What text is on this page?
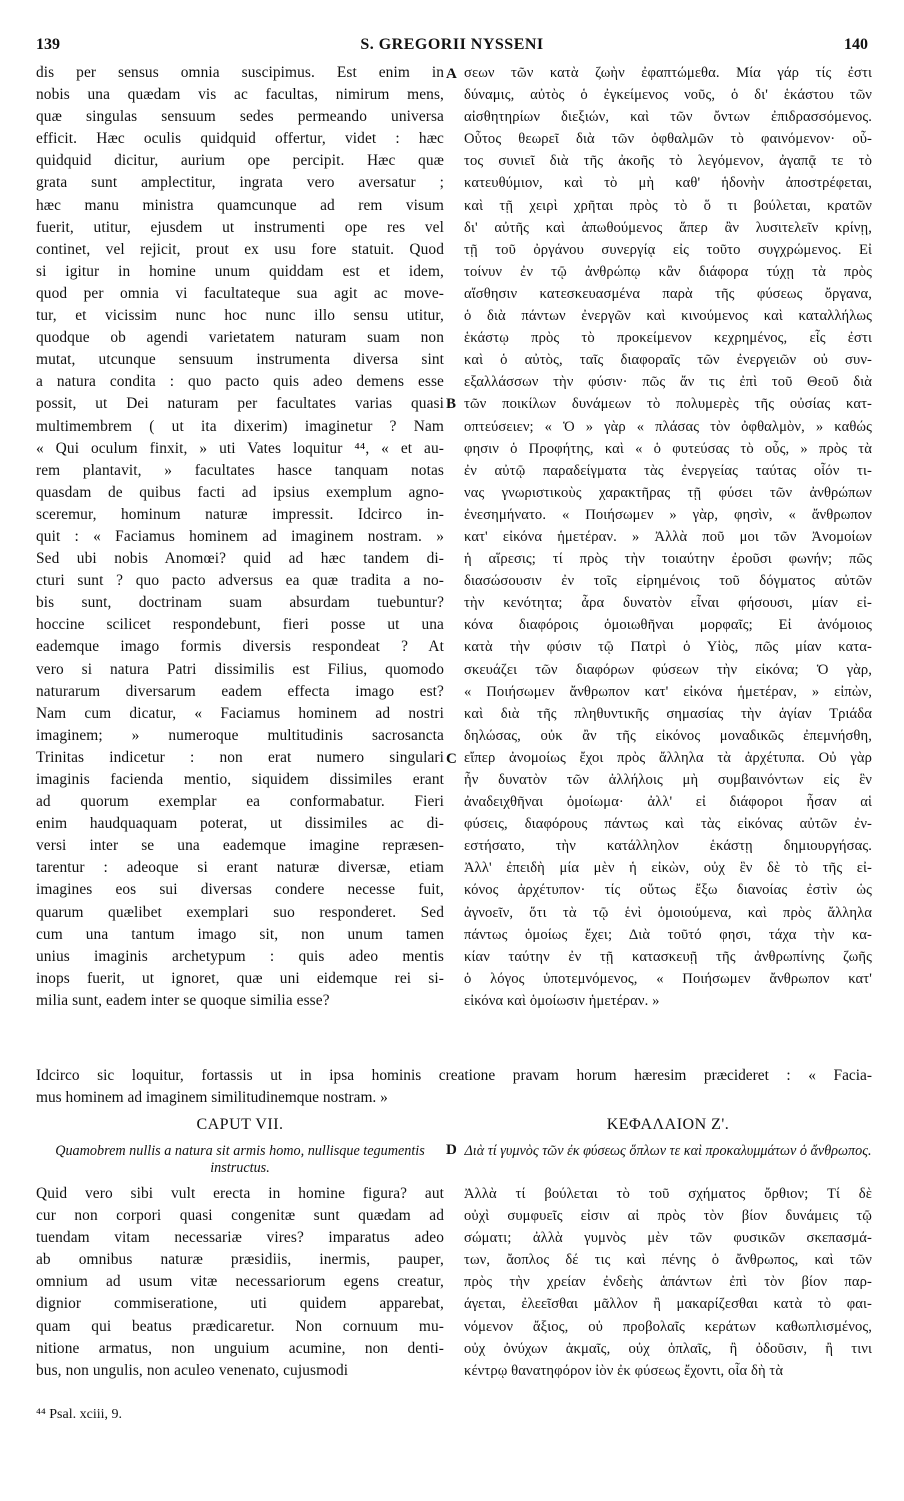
139	S. GREGORII NYSSENI	140
dis per sensus omnia suscipimus. Est enim in
nobis una quædam vis ac facultas, nimirum mens,
quæ singulas sensuum sedes permeando universa
efficit. Hæc oculis quidquid offertur, videt : hæc
quidquid dicitur, aurium ope percipit. Hæc quæ
grata sunt amplectitur, ingrata vero aversatur ;
hæc manu ministra quamcunque ad rem visum
fuerit, utitur, ejusdem ut instrumenti ope res vel
continet, vel rejicit, prout ex usu fore statuit. Quod
si igitur in homine unum quiddam est et idem,
quod per omnia vi facultateque sua agit ac move-
tur, et vicissim nunc hoc nunc illo sensu utitur,
quodque ob agendi varietatem naturam suam non
mutat, utcunque sensuum instrumenta diversa sint
a natura condita : quo pacto quis adeo demens esse
possit, ut Dei naturam per facultates varias quasi
multimembrem ( ut ita dixerim) imaginetur ? Nam
« Qui oculum finxit, » uti Vates loquitur ⁴⁴, « et au-
rem plantavit, » facultates hasce tanquam notas
quasdam de quibus facti ad ipsius exemplum agno-
sceremur, hominum naturæ impressit. Idcirco in-
quit : « Faciamus hominem ad imaginem nostram. »
Sed ubi nobis Anomœi? quid ad hæc tandem di-
cturi sunt ? quo pacto adversus ea quæ tradita a no-
bis sunt, doctrinam suam absurdam tuebuntur?
hoccine scilicet respondebunt, fieri posse ut una
eademque imago formis diversis respondeat ? At
vero si natura Patri dissimilis est Filius, quomodo
naturarum diversarum eadem effecta imago est?
Nam cum dicatur, « Faciamus hominem ad nostri
imaginem; » numeroque multitudinis sacrosancta
Trinitas indicetur : non erat numero singulari
imaginis facienda mentio, siquidem dissimiles erant
ad quorum exemplar ea conformabatur. Fieri
enim haudquaquam poterat, ut dissimiles ac di-
versi inter se una eademque imagine repræsen-
tarentur : adeoque si erant naturæ diversæ, etiam
imagines eos sui diversas condere necesse fuit,
quarum quælibet exemplari suo responderet. Sed
cum una tantum imago sit, non unum tamen
unius imaginis archetypum : quis adeo mentis
inops fuerit, ut ignoret, quæ uni eidemque rei si-
milia sunt, eadem inter se quoque similia esse?
σεων τῶν κατὰ ζωὴν ἐφαπτώμεθα. Μία γάρ τίς ἐστι
δύναμις, αὐτὸς ὁ ἐγκείμενος νοῦς, ὁ δι' ἑκάστου τῶν
αἰσθητηρίων διεξιών, καὶ τῶν ὄντων ἐπιδρασσόμενος.
Οὗτος θεωρεῖ διὰ τῶν ὀφθαλμῶν τὸ φαινόμενον· οὗ-
τος συνιεῖ διὰ τῆς ἀκοῆς τὸ λεγόμενον, ἀγαπᾷ τε τὸ
κατευθύμιον, καὶ τὸ μὴ καθ' ἡδονὴν ἀποστρέφεται,
καὶ τῇ χειρὶ χρῆται πρὸς τὸ ὅ τι βούλεται, κρατῶν
δι' αὐτῆς καὶ ἀπωθούμενος ἅπερ ἂν λυσιτελεῖν κρίνῃ,
τῇ τοῦ ὀργάνου συνεργίᾳ εἰς τοῦτο συγχρώμενος. Εἰ
τοίνυν ἐν τῷ ἀνθρώπῳ κἂν διάφορα τύχῃ τὰ πρὸς
αἴσθησιν κατεσκευασμένα παρὰ τῆς φύσεως ὄργανα,
ὁ διὰ πάντων ἐνεργῶν καὶ κινούμενος καὶ καταλλήλως
ἑκάστῳ πρὸς τὸ προκείμενον κεχρημένος, εἷς ἐστι
καὶ ὁ αὐτὸς, ταῖς διαφοραῖς τῶν ἐνεργειῶν οὐ συν-
εξαλλάσσων τὴν φύσιν· πῶς ἄν τις ἐπὶ τοῦ Θεοῦ διὰ
τῶν ποικίλων δυνάμεων τὸ πολυμερὲς τῆς οὐσίας κατ-
οπτεύσειεν; « Ὁ » γὰρ « πλάσας τὸν ὀφθαλμὸν, » καθώς
φησιν ὁ Προφήτης, καὶ « ὁ φυτεύσας τὸ οὖς, » πρὸς τὰ
ἐν αὐτῷ παραδείγματα τὰς ἐνεργείας ταύτας οἷόν τι-
νας γνωριστικοὺς χαρακτῆρας τῇ φύσει τῶν ἀνθρώπων
ἐνεσημήνατο. « Ποιήσωμεν » γὰρ, φησὶν, « ἄνθρωπον
κατ' εἰκόνα ἡμετέραν. » Ἀλλὰ ποῦ μοι τῶν Ἀνομοίων
ἡ αἵρεσις; τί πρὸς τὴν τοιαύτην ἐροῦσι φωνήν; πῶς
διασώσουσιν ἐν τοῖς εἰρημένοις τοῦ δόγματος αὐτῶν
τὴν κενότητα; ἆρα δυνατὸν εἶναι φήσουσι, μίαν εἰ-
κόνα διαφόροις ὁμοιωθῆναι μορφαῖς; Εἰ ἀνόμοιος
κατὰ τὴν φύσιν τῷ Πατρὶ ὁ Υἱὸς, πῶς μίαν κατα-
σκευάζει τῶν διαφόρων φύσεων τὴν εἰκόνα; Ὁ γὰρ,
« Ποιήσωμεν ἄνθρωπον κατ' εἰκόνα ἡμετέραν, » εἰπὼν,
καὶ διὰ τῆς πληθυντικῆς σημασίας τὴν ἁγίαν Τριάδα
δηλώσας, οὐκ ἂν τῆς εἰκόνος μοναδικῶς ἐπεμνήσθη,
εἴπερ ἀνομοίως ἔχοι πρὸς ἄλληλα τὰ ἀρχέτυπα. Οὐ γὰρ
ἦν δυνατὸν τῶν ἀλλήλοις μὴ συμβαινόντων εἰς ἓν
ἀναδειχθῆναι ὁμοίωμα· ἀλλ' εἰ διάφοροι ἦσαν αἱ
φύσεις, διαφόρους πάντως καὶ τὰς εἰκόνας αὐτῶν ἐν-
εστήσατο, τὴν κατάλληλον ἑκάστῃ δημιουργήσας.
Ἀλλ' ἐπειδὴ μία μὲν ἡ εἰκὼν, οὐχ ἓν δὲ τὸ τῆς εἰ-
κόνος ἀρχέτυπον· τίς οὕτως ἔξω διανοίας ἐστὶν ὡς
ἀγνοεῖν, ὅτι τὰ τῷ ἑνὶ ὁμοιούμενα, καὶ πρὸς ἄλληλα
πάντως ὁμοίως ἔχει; Διὰ τοῦτό φησι, τάχα τὴν κα-
κίαν ταύτην ἐν τῇ κατασκευῇ τῆς ἀνθρωπίνης ζωῆς
ὁ λόγος ὑποτεμνόμενος, « Ποιήσωμεν ἄνθρωπον κατ'
εἰκόνα καὶ ὁμοίωσιν ἡμετέραν. »
A
B
C
D
Idcirco sic loquitur, fortassis ut in ipsa hominis creatione pravam horum hæresim præcideret : « Facia-
mus hominem ad imaginem similitudinemque nostram. »
CAPUT VII.	ΚΕΦΑΛΑΙΟΝ Ζ'.
Quamobrem nullis a natura sit armis homo, nullisque tegumentis instructus.
Διὰ τί γυμνὸς τῶν ἐκ φύσεως ὅπλων τε καὶ προκαλυμμάτων ὁ ἄνθρωπος.
Quid vero sibi vult erecta in homine figura? aut
cur non corpori quasi congenitæ sunt quædam ad
tuendam vitam necessariæ vires? imparatus adeo
ab omnibus naturæ præsidiis, inermis, pauper,
omnium ad usum vitæ necessariorum egens creatur,
dignior commiseratione, uti quidem apparebat,
quam qui beatus prædicaretur. Non cornuum mu-
nitione armatus, non unguium acumine, non denti-
bus, non ungulis, non aculeo venenato, cujusmodi
Ἀλλὰ τί βούλεται τὸ τοῦ σχήματος ὄρθιον; Τί δὲ
οὐχὶ συμφυεῖς εἰσιν αἱ πρὸς τὸν βίον δυνάμεις τῷ
σώματι; ἀλλὰ γυμνὸς μὲν τῶν φυσικῶν σκεπασμά-
των, ἄοπλος δέ τις καὶ πένης ὁ ἄνθρωπος, καὶ τῶν
πρὸς τὴν χρείαν ἐνδεὴς ἁπάντων ἐπὶ τὸν βίον παρ-
άγεται, ἐλεεῖσθαι μᾶλλον ἢ μακαρίζεσθαι κατὰ τὸ φαι-
νόμενον ἄξιος, οὐ προβολαῖς κεράτων καθωπλισμένος,
οὐχ ὀνύχων ἀκμαῖς, οὐχ ὁπλαῖς, ἢ ὀδοῦσιν, ἢ τινι
κέντρῳ θανατηφόρον ἰὸν ἐκ φύσεως ἔχοντι, οἷα δὴ τὰ
⁴⁴ Psal. xciii, 9.
